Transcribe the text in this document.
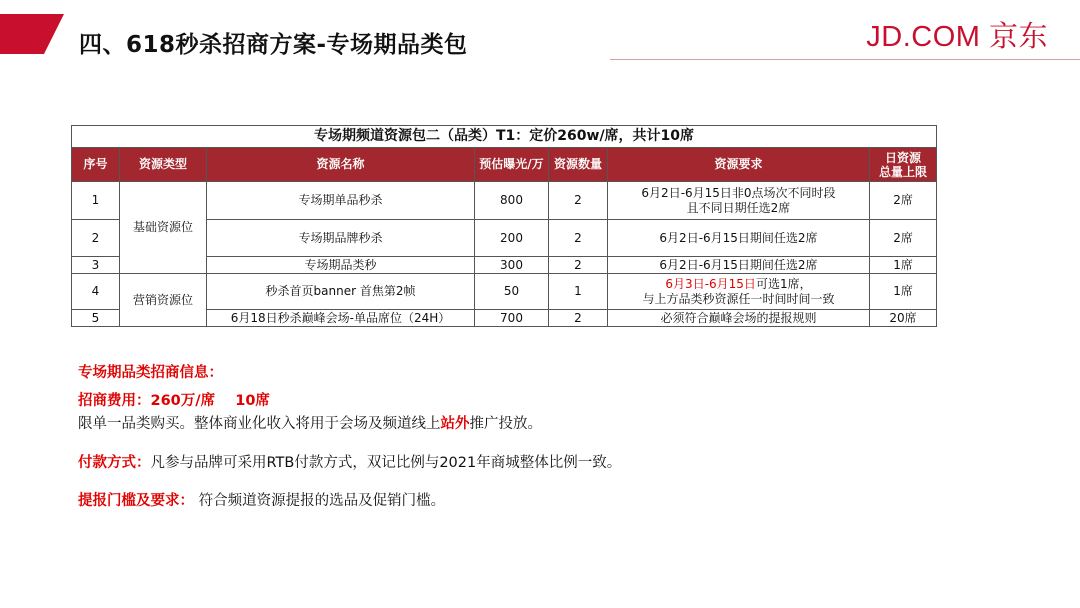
四、618秒杀招商方案-专场期品类包	JD.COM 京东
专场期频道资源包二（品类）T1：定价260w/席，共计10席						
序号	资源类型	资源名称	预估曝光/万	资源数量	资源要求	日资源
总量上限

1	基础资源位	专场期单品秒杀	800	2	6月2日-6月15日非0点场次不同时段
且不同日期任选2席	2席
2		专场期品牌秒杀	200	2	6月2日-6月15日期间任选2席	2席
3		专场期品类秒	300	2	6月2日-6月15日期间任选2席	1席
4	营销资源位	秒杀首页banner 首焦第2帧	50	1	6月3日-6月15日可选1席，
与上方品类秒资源任一时间时间一致	1席
5		6月18日秒杀巅峰会场-单品席位（24H）	700	2	必须符合巅峰会场的提报规则	20席
专场期品类招商信息：
招商费用：260万/席    10席
限单一品类购买。整体商业化收入将用于会场及频道线上站外推广投放。
付款方式：凡参与品牌可采用RTB付款方式，双记比例与2021年商城整体比例一致。
提报门槛及要求： 符合频道资源提报的选品及促销门槛。
